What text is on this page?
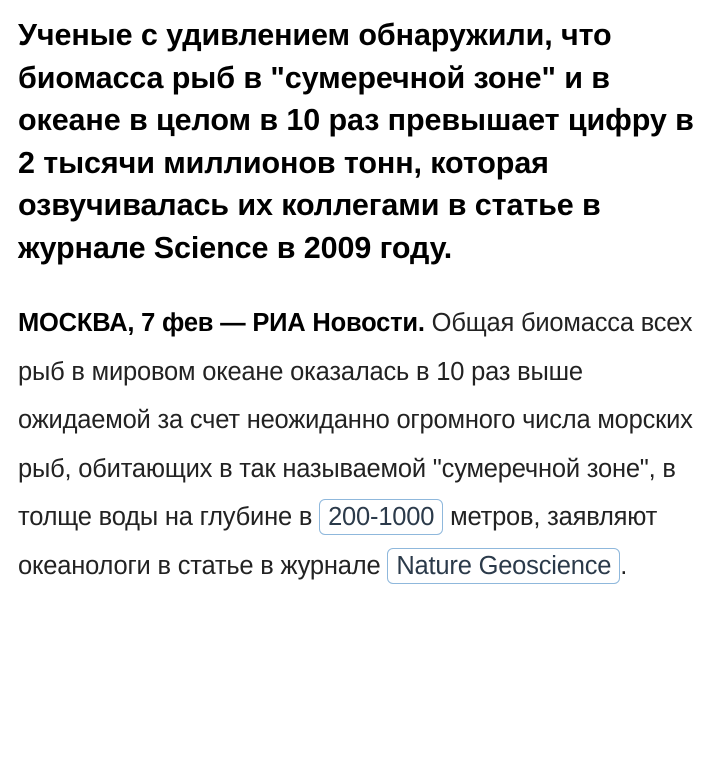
Ученые с удивлением обнаружили, что биомасса рыб в "сумеречной зоне" и в океане в целом в 10 раз превышает цифру в 2 тысячи миллионов тонн, которая озвучивалась их коллегами в статье в журнале Science в 2009 году.

МОСКВА, 7 фев — РИА Новости. Общая биомасса всех рыб в мировом океане оказалась в 10 раз выше ожидаемой за счет неожиданно огромного числа морских рыб, обитающих в так называемой "сумеречной зоне", в толще воды на глубине в 200-1000 метров, заявляют океанологи в статье в журнале Nature Geoscience .
